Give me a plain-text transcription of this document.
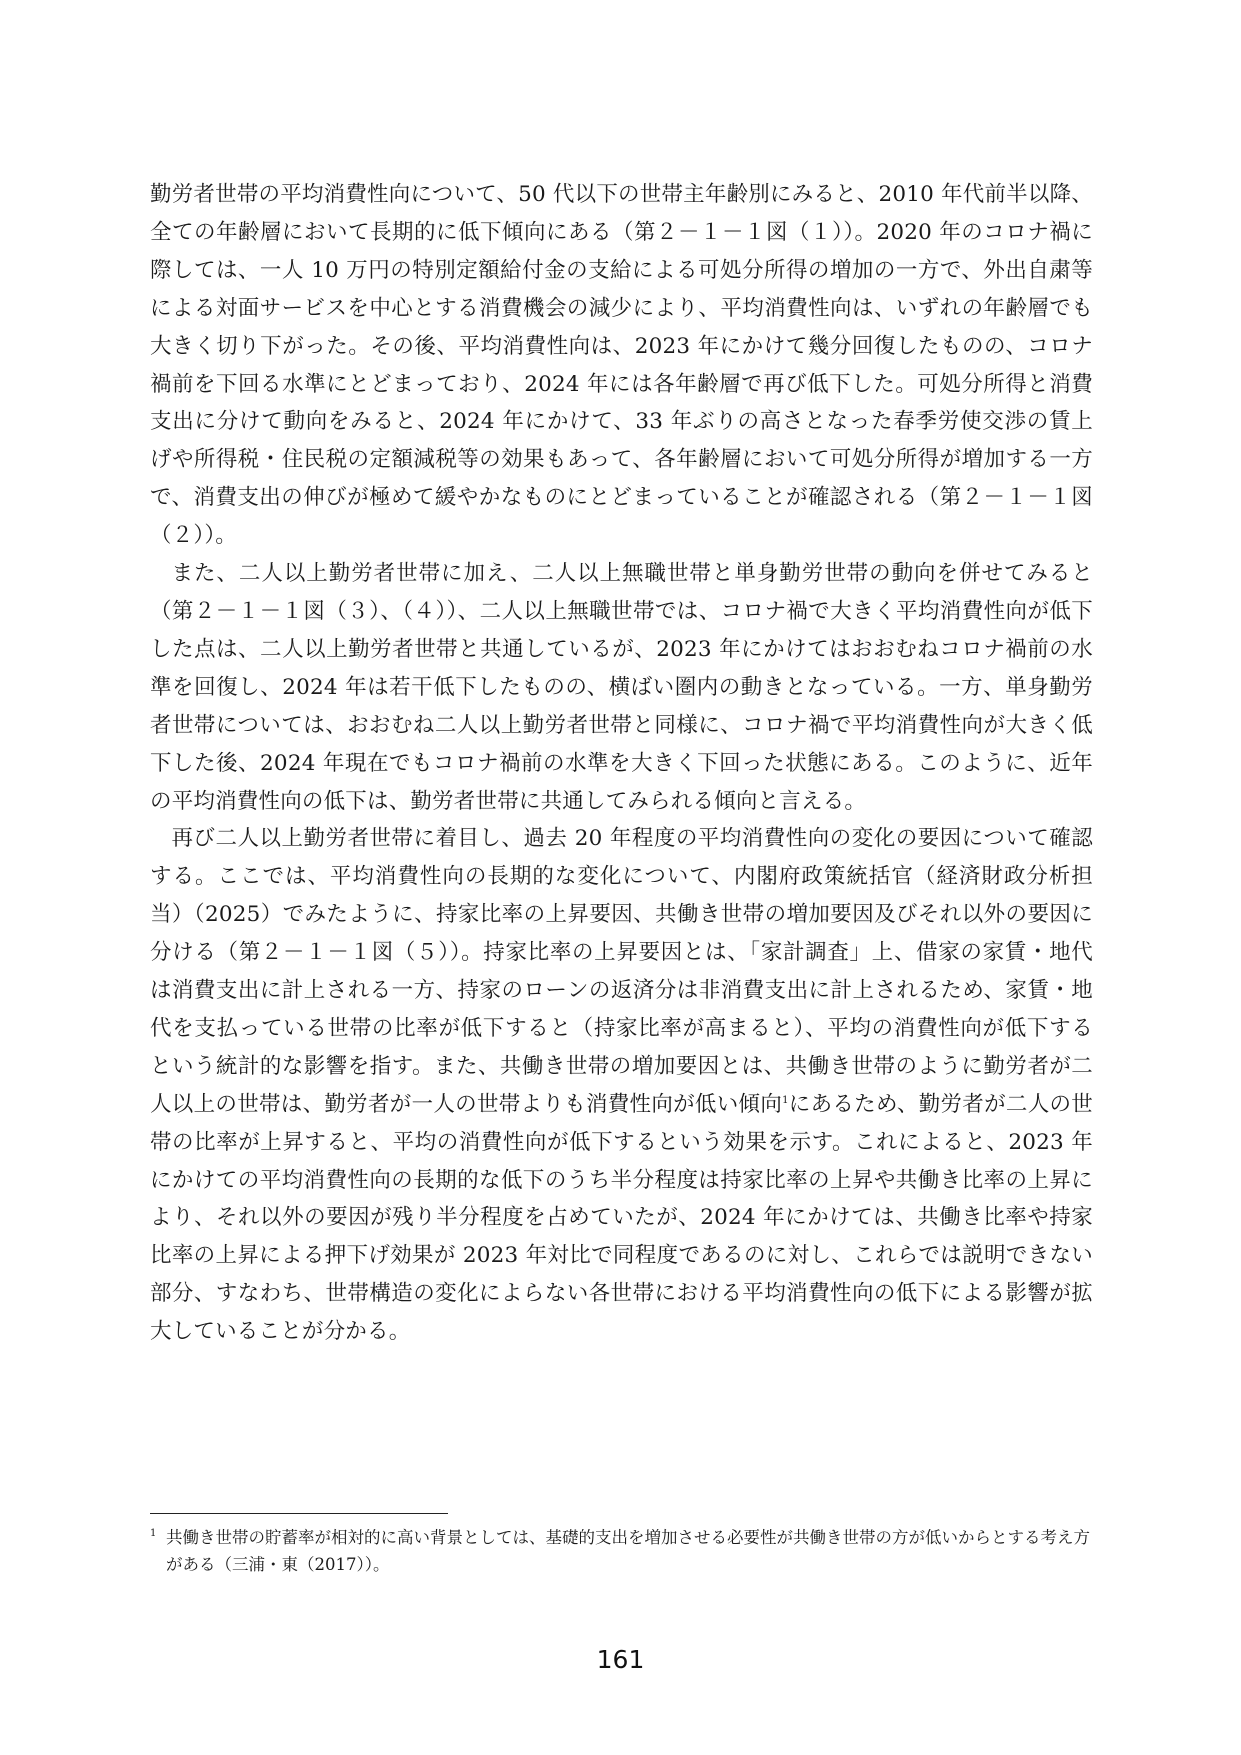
勤労者世帯の平均消費性向について、50 代以下の世帯主年齢別にみると、2010 年代前半以降、全ての年齢層において長期的に低下傾向にある（第２－１－１図（１））。2020 年のコロナ禍に際しては、一人 10 万円の特別定額給付金の支給による可処分所得の増加の一方で、外出自粛等による対面サービスを中心とする消費機会の減少により、平均消費性向は、いずれの年齢層でも大きく切り下がった。その後、平均消費性向は、2023 年にかけて幾分回復したものの、コロナ禍前を下回る水準にとどまっており、2024 年には各年齢層で再び低下した。可処分所得と消費支出に分けて動向をみると、2024 年にかけて、33 年ぶりの高さとなった春季労使交渉の賃上げや所得税・住民税の定額減税等の効果もあって、各年齢層において可処分所得が増加する一方で、消費支出の伸びが極めて緩やかなものにとどまっていることが確認される（第２－１－１図（２））。

また、二人以上勤労者世帯に加え、二人以上無職世帯と単身勤労世帯の動向を併せてみると（第２－１－１図（３）、（４））、二人以上無職世帯では、コロナ禍で大きく平均消費性向が低下した点は、二人以上勤労者世帯と共通しているが、2023 年にかけてはおおむねコロナ禍前の水準を回復し、2024 年は若干低下したものの、横ばい圏内の動きとなっている。一方、単身勤労者世帯については、おおむね二人以上勤労者世帯と同様に、コロナ禍で平均消費性向が大きく低下した後、2024 年現在でもコロナ禍前の水準を大きく下回った状態にある。このように、近年の平均消費性向の低下は、勤労者世帯に共通してみられる傾向と言える。

再び二人以上勤労者世帯に着目し、過去 20 年程度の平均消費性向の変化の要因について確認する。ここでは、平均消費性向の長期的な変化について、内閣府政策統括官（経済財政分析担当）（2025）でみたように、持家比率の上昇要因、共働き世帯の増加要因及びそれ以外の要因に分ける（第２－１－１図（５））。持家比率の上昇要因とは、「家計調査」上、借家の家賃・地代は消費支出に計上される一方、持家のローンの返済分は非消費支出に計上されるため、家賃・地代を支払っている世帯の比率が低下すると（持家比率が高まると）、平均の消費性向が低下するという統計的な影響を指す。また、共働き世帯の増加要因とは、共働き世帯のように勤労者が二人以上の世帯は、勤労者が一人の世帯よりも消費性向が低い傾向$^1$にあるため、勤労者が二人の世帯の比率が上昇すると、平均の消費性向が低下するという効果を示す。これによると、2023 年にかけての平均消費性向の長期的な低下のうち半分程度は持家比率の上昇や共働き比率の上昇により、それ以外の要因が残り半分程度を占めていたが、2024 年にかけては、共働き比率や持家比率の上昇による押下げ効果が 2023 年対比で同程度であるのに対し、これらでは説明できない部分、すなわち、世帯構造の変化によらない各世帯における平均消費性向の低下による影響が拡大していることが分かる。

1 共働き世帯の貯蓄率が相対的に高い背景としては、基礎的支出を増加させる必要性が共働き世帯の方が低いからとする考え方がある（三浦・東（2017））。
161
